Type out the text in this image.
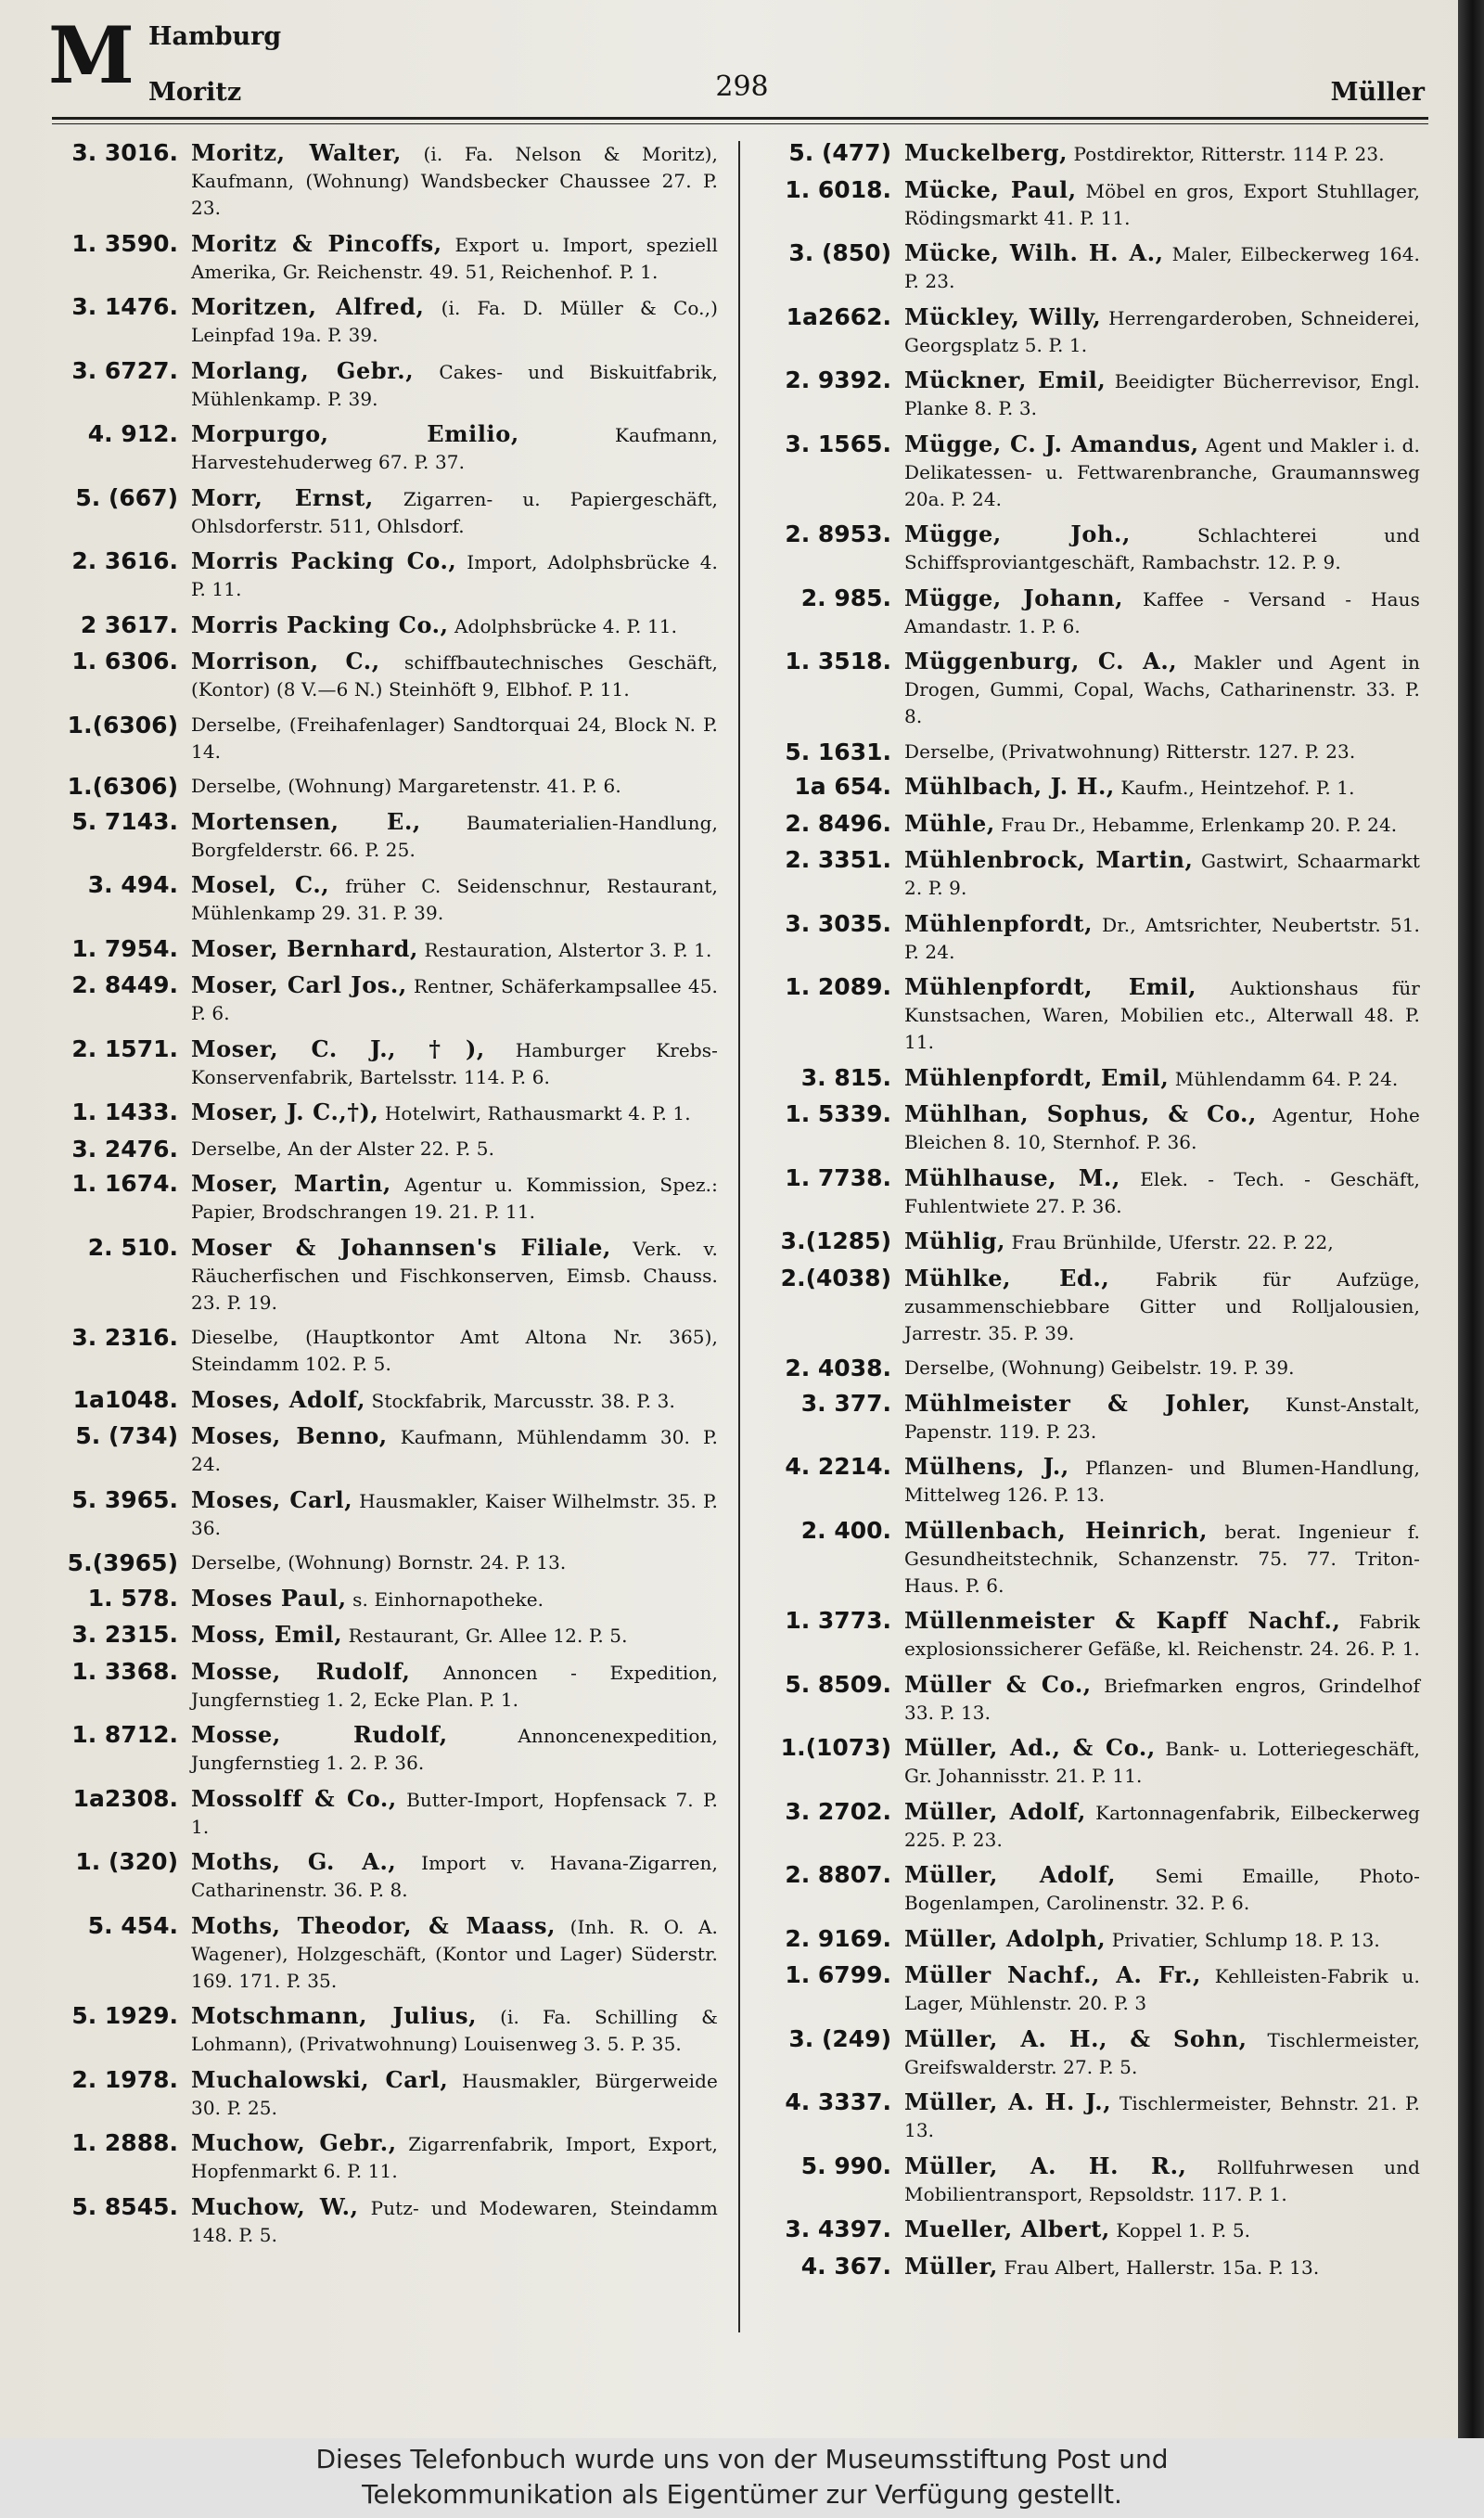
M Hamburg
Moritz	298	Müller
3. 3016. Moritz, Walter, (i. Fa. Nelson & Moritz), Kaufmann, (Wohnung) Wandsbecker Chaussee 27. P. 23.
1. 3590. Moritz & Pincoffs, Export u. Import, speziell Amerika, Gr. Reichenstr. 49. 51, Reichenhof. P. 1.
3. 1476. Moritzen, Alfred, (i. Fa. D. Müller & Co.,) Leinpfad 19a. P. 39.
3. 6727. Morlang, Gebr., Cakes- und Biskuitfabrik, Mühlenkamp. P. 39.
4. 912. Morpurgo, Emilio,	Kaufmann, Harvestehuderweg 67. P. 37.
5. (667) Morr, Ernst, Zigarren- u. Papiergeschäft, Ohlsdorferstr. 511, Ohlsdorf.
2. 3616. Morris Packing Co., Import, Adolphsbrücke 4. P. 11.
2 3617. Morris Packing Co., Adolphsbrücke 4. P. 11.
1. 6306. Morrison, C., schiffbautechnisches Geschäft, (Kontor) (8 V.—6 N.) Steinhöft 9, Elbhof. P. 11.
1.(6306) Derselbe, (Freihafenlager) Sandtorquai 24, Block N. P. 14.
1.(6306) Derselbe, (Wohnung) Margaretenstr. 41. P. 6.
5. 7143. Mortensen, E., Baumaterialien-Handlung, Borgfelderstr. 66. P. 25.
3. 494. Mosel, C., früher C. Seidenschnur, Restaurant, Mühlenkamp 29. 31. P. 39.
1. 7954. Moser, Bernhard, Restauration, Alstertor 3. P. 1.
2. 8449. Moser, Carl Jos., Rentner, Schäferkampsallee 45. P. 6.
2. 1571. Moser, C. J., †), Hamburger Krebs-Konservenfabrik, Bartelsstr. 114. P. 6.
1. 1433. Moser, J. C.,†), Hotelwirt, Rathausmarkt 4. P. 1.
3. 2476. Derselbe, An der Alster 22. P. 5.
1. 1674. Moser, Martin, Agentur u. Kommission, Spez.: Papier, Brodschrangen 19. 21. P. 11.
2. 510. Moser & Johannsen's Filiale, Verk. v. Räucherfischen und Fischkonserven, Eimsb. Chauss. 23. P. 19.
3. 2316. Dieselbe, (Hauptkontor Amt Altona Nr. 365), Steindamm 102. P. 5.
1a1048. Moses, Adolf, Stockfabrik, Marcusstr. 38. P. 3.
5. (734) Moses, Benno, Kaufmann, Mühlendamm 30. P. 24.
5. 3965. Moses, Carl, Hausmakler, Kaiser Wilhelmstr. 35. P. 36.
5.(3965) Derselbe, (Wohnung) Bornstr. 24. P. 13.
1. 578. Moses Paul, s. Einhornapotheke.
3. 2315. Moss, Emil, Restaurant, Gr. Allee 12. P. 5.
1. 3368. Mosse, Rudolf, Annoncen - Expedition, Jungfernstieg 1. 2, Ecke Plan. P. 1.
1. 8712. Mosse, Rudolf,	Annoncenexpedition, Jungfernstieg 1. 2. P. 36.
1a2308. Mossolff & Co., Butter-Import, Hopfensack 7. P. 1.
1. (320) Moths, G. A., Import v. Havana-Zigarren, Catharinenstr. 36. P. 8.
5. 454. Moths, Theodor, & Maass, (Inh. R. O. A. Wagener), Holzgeschäft, (Kontor und Lager) Süderstr. 169. 171. P. 35.
5. 1929. Motschmann, Julius, (i. Fa. Schilling & Lohmann), (Privatwohnung) Louisenweg 3. 5. P. 35.
2. 1978. Muchalowski, Carl, Hausmakler, Bürgerweide 30. P. 25.
1. 2888. Muchow, Gebr., Zigarrenfabrik, Import, Export, Hopfenmarkt 6. P. 11.
5. 8545. Muchow, W., Putz- und Modewaren, Steindamm 148. P. 5.
5. (477) Muckelberg, Postdirektor, Ritterstr. 114 P. 23.
1. 6018. Mücke, Paul, Möbel en gros, Export Stuhllager, Rödingsmarkt 41. P. 11.
3. (850) Mücke, Wilh. H. A., Maler, Eilbeckerweg 164. P. 23.
1a2662. Mückley, Willy, Herrengarderoben, Schneiderei, Georgsplatz 5. P. 1.
2. 9392. Mückner, Emil, Beeidigter Bücherrevisor, Engl. Planke 8. P. 3.
3. 1565. Mügge, C. J. Amandus, Agent und Makler i. d. Delikatessen- u. Fettwarenbranche, Graumannsweg 20a. P. 24.
2. 8953. Mügge, Joh.,	Schlachterei und Schiffsproviantgeschäft, Rambachstr. 12. P. 9.
2. 985. Mügge, Johann, Kaffee - Versand - Haus Amandastr. 1. P. 6.
1. 3518. Müggenburg, C. A., Makler und Agent in Drogen, Gummi, Copal, Wachs, Catharinenstr. 33. P. 8.
5. 1631. Derselbe, (Privatwohnung) Ritterstr. 127. P. 23.
1a 654. Mühlbach, J. H., Kaufm., Heintzehof. P. 1.
2. 8496. Mühle, Frau Dr., Hebamme, Erlenkamp 20. P. 24.
2. 3351. Mühlenbrock, Martin, Gastwirt, Schaarmarkt 2. P. 9.
3. 3035. Mühlenpfordt, Dr., Amtsrichter, Neubertstr. 51. P. 24.
1. 2089. Mühlenpfordt, Emil, Auktionshaus für Kunstsachen, Waren, Mobilien etc., Alterwall 48. P. 11.
3. 815. Mühlenpfordt, Emil, Mühlendamm 64. P. 24.
1. 5339. Mühlhan, Sophus, & Co., Agentur, Hohe Bleichen 8. 10, Sternhof. P. 36.
1. 7738. Mühlhause, M., Elek. - Tech. - Geschäft, Fuhlentwiete 27. P. 36.
3.(1285) Mühlig, Frau Brünhilde, Uferstr. 22. P. 22,
2.(4038) Mühlke, Ed., Fabrik für Aufzüge, zusammenschiebbare Gitter und Rolljalousien, Jarrestr. 35. P. 39.
2. 4038. Derselbe, (Wohnung) Geibelstr. 19. P. 39.
3. 377. Mühlmeister & Johler, Kunst-Anstalt, Papenstr. 119. P. 23.
4. 2214. Mülhens, J., Pflanzen- und Blumen-Handlung, Mittelweg 126. P. 13.
2. 400. Müllenbach, Heinrich, berat. Ingenieur f. Gesundheitstechnik, Schanzenstr. 75. 77. Triton-Haus. P. 6.
1. 3773. Müllenmeister & Kapff Nachf., Fabrik explosionssicherer Gefäße, kl. Reichenstr. 24. 26. P. 1.
5. 8509. Müller & Co., Briefmarken engros, Grindelhof 33. P. 13.
1.(1073) Müller, Ad., & Co., Bank- u. Lotteriegeschäft, Gr. Johannisstr. 21. P. 11.
3. 2702. Müller, Adolf, Kartonnagenfabrik, Eilbeckerweg 225. P. 23.
2. 8807. Müller, Adolf, Semi Emaille, Photo-Bogenlampen, Carolinenstr. 32. P. 6.
2. 9169. Müller, Adolph, Privatier, Schlump 18. P. 13.
1. 6799. Müller Nachf., A. Fr., Kehlleisten-Fabrik u. Lager, Mühlenstr. 20. P. 3
3. (249) Müller, A. H., & Sohn, Tischlermeister, Greifswalderstr. 27. P. 5.
4. 3337. Müller, A. H. J., Tischlermeister, Behnstr. 21. P. 13.
5. 990. Müller, A. H. R., Rollfuhrwesen und Mobilientransport, Repsoldstr. 117. P. 1.
3. 4397. Mueller, Albert, Koppel 1. P. 5.
4. 367. Müller, Frau Albert, Hallerstr. 15a. P. 13.
Dieses Telefonbuch wurde uns von der Museumsstiftung Post und
Telekommunikation als Eigentümer zur Verfügung gestellt.
